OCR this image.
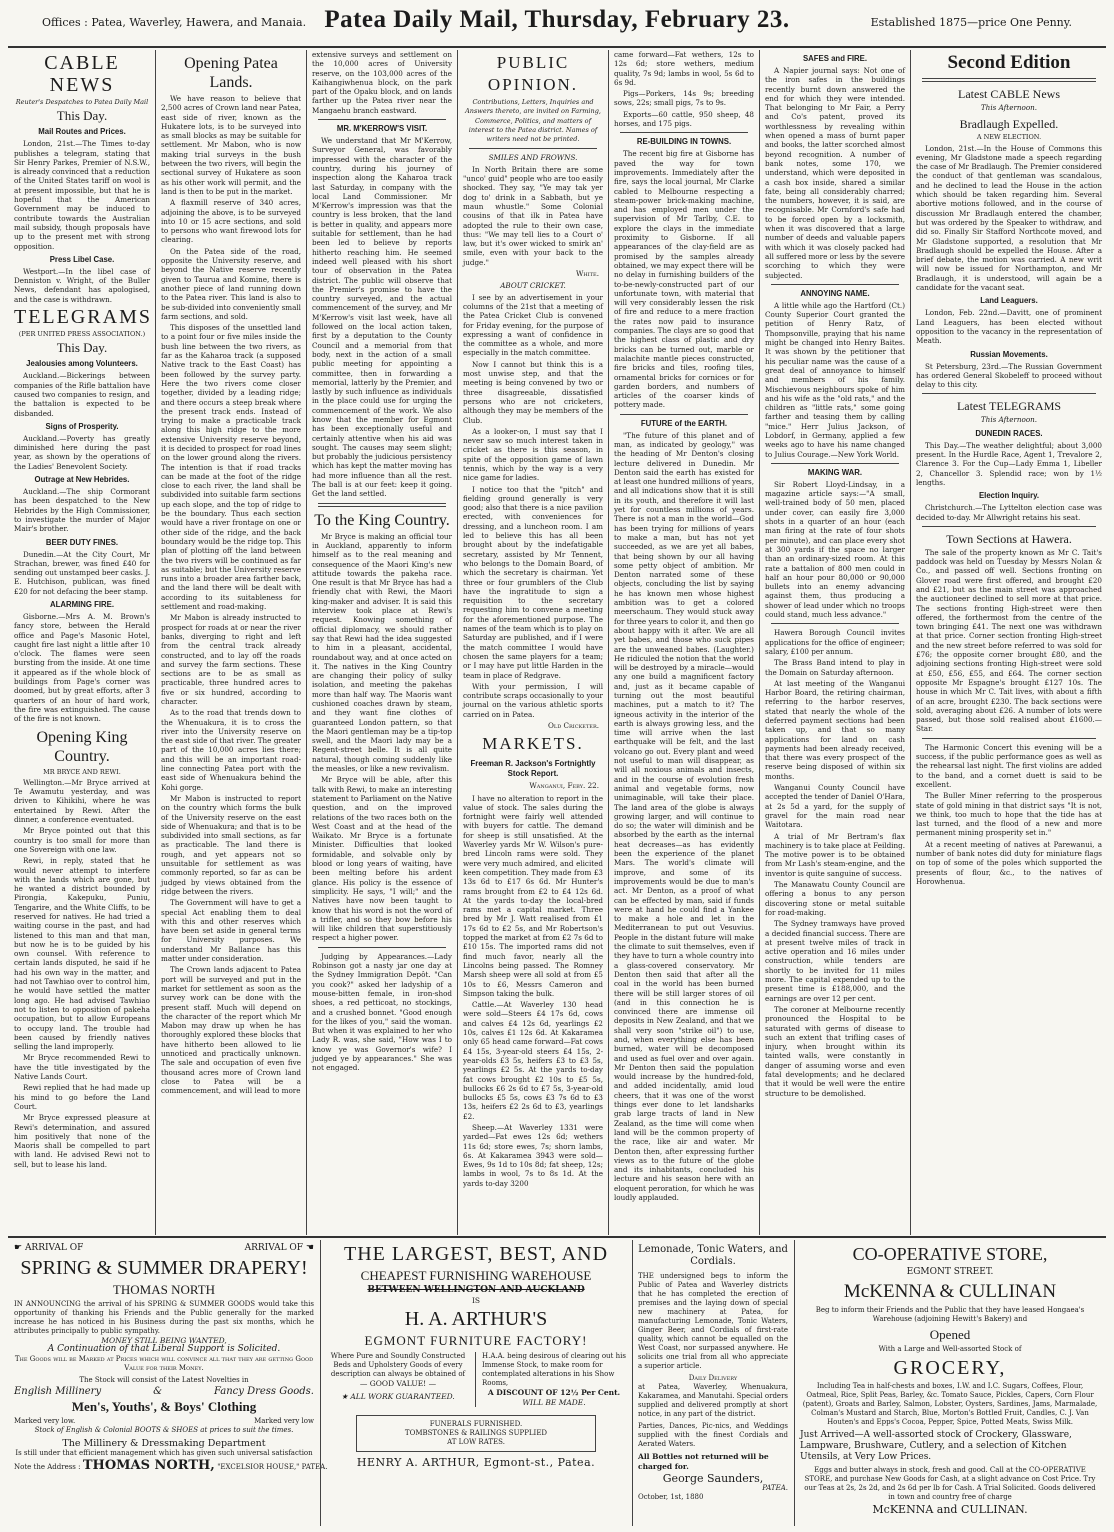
Offices : Patea, Waverley, Hawera, and Manaia. Patea Daily Mail, Thursday, February 23.	Established 1875—price One Penny.
CABLE NEWS
Reuter's Despatches to Patea Daily Mail
This Day.
Mail Routes and Prices.

London, 21st.—The Times to-day publishes a telegram, stating that Sir Henry Parkes, Premier of N.S.W., is already convinced that a reduction of the United States tariff on wool is at present impossible, but that he is hopeful that the American Government may be induced to contribute towards the Australian mail subsidy, though proposals have up to the present met with strong opposition.

Press Libel Case.

Westport.—In the libel case of Denniston v. Wright, of the Buller News, defendant has apologised, and the case is withdrawn.

TELEGRAMS
(PER UNITED PRESS ASSOCIATION.)
This Day.
Jealousies among Volunteers.

Auckland.—Bickerings between companies of the Rifle battalion have caused two companies to resign, and the battalion is expected to be disbanded.

Signs of Prosperity.

Auckland.—Poverty has greatly diminished here during the past year, as shown by the operations of the Ladies' Benevolent Society.

Outrage at New Hebrides.

Auckland.—The ship Cormorant has been despatched to the New Hebrides by the High Commissioner, to investigate the murder of Major Mair's brother.

BEER DUTY FINES.

Dunedin.—At the City Court, Mr Strachan, brewer, was fined £40 for sending out unstamped beer casks. J. E. Hutchison, publican, was fined £20 for not defacing the beer stamp.

ALARMING FIRE.

Gisborne.—Mrs A. M. Brown's fancy store, between the Herald office and Page's Masonic Hotel, caught fire last night a little after 10 o'clock. The flames were seen bursting from the inside. At one time it appeared as if the whole block of buildings from Page's corner was doomed, but by great efforts, after 3 quarters of an hour of hard work, the fire was extinguished. The cause of the fire is not known.

Opening King Country.
MR BRYCE AND REWI.

Wellington.—Mr Bryce arrived at Te Awamutu yesterday, and was driven to Kihikihi, where he was entertained by Rewi. After the dinner, a conference eventuated.

Mr Bryce pointed out that this country is too small for more than one Sovereign with one law.

Rewi, in reply, stated that he would never attempt to interfere with the lands which are gone, but he wanted a district bounded by Pirongia, Kakepuku, Puniu, Tengarire, and the White Cliffs, to be reserved for natives. He had tried a waiting course in the past, and had listened to this man and that man, but now he is to be guided by his own counsel. With reference to certain lands disputed, he said if he had his own way in the matter, and had not Tawhiao over to control him, he would have settled the matter long ago. He had advised Tawhiao not to listen to opposition of pakeha occupation, but to allow Europeans to occupy land. The trouble had been caused by friendly natives selling the land improperly.

Mr Bryce recommended Rewi to have the title investigated by the Native Lands Court.

Rewi replied that he had made up his mind to go before the Land Court.

Mr Bryce expressed pleasure at Rewi's determination, and assured him positively that none of the Maoris shall be compelled to part with land. He advised Rewi not to sell, but to lease his land.

Opening Patea Lands.

We have reason to believe that 2,500 acres of Crown land near Patea, east side of river, known as the Hukatere lots, is to be surveyed into as small blocks as may be suitable for settlement. Mr Mabon, who is now making trial surveys in the bush between the two rivers, will begin the sectional survey of Hukatere as soon as his other work will permit, and the land is then to be put in the market.

A flaxmill reserve of 340 acres, adjoining the above, is to be surveyed into 10 or 15 acre sections, and sold to persons who want firewood lots for clearing.

On the Patea side of the road, opposite the University reserve, and beyond the Native reserve recently given to Taurua and Komine, there is another piece of land running down to the Patea river. This land is also to be sub-divided into conveniently small farm sections, and sold.

This disposes of the unsettled land to a point four or five miles inside the bush line between the two rivers, as far as the Kaharoa track (a supposed Native track to the East Coast) has been followed by the survey party. Here the two rivers come closer together, divided by a leading ridge; and there occurs a steep break where the present track ends. Instead of trying to make a practicable track along this high ridge to the more extensive University reserve beyond, it is decided to prospect for road lines on the lower ground along the rivers. The intention is that if road tracks can be made at the foot of the ridge close to each river, the land shall be subdivided into suitable farm sections up each slope, and the top of ridge to be the boundary. Thus each section would have a river frontage on one or other side of the ridge, and the back boundary would be the ridge top. This plan of plotting off the land between the two rivers will be continued as far as suitable; but the University reserve runs into a broader area farther back, and the land there will be dealt with according to its suitableness for settlement and road-making.

Mr Mabon is already instructed to prospect for roads at or near the river banks, diverging to right and left from the central track already constructed, and to lay off the roads and survey the farm sections. These sections are to be as small as practicable, three hundred acres to five or six hundred, according to character.

As to the road that trends down to the Whenuakura, it is to cross the river into the University reserve on the east side of that river. The greater part of the 10,000 acres lies there; and this will be an important road-line connecting Patea port with the east side of Whenuakura behind the Kohi gorge.

Mr Mabon is instructed to report on the country which forms the bulk of the University reserve on the east side of Whenuakura; and that is to be subdivided into small sections, as far as practicable. The land there is rough, and yet appears not so unsuitable for settlement as was commonly reported, so far as can be judged by views obtained from the ridge between the rivers.

The Government will have to get a special Act enabling them to deal with this and other reserves which have been set aside in general terms for University purposes. We understand Mr Ballance has this matter under consideration.

The Crown lands adjacent to Patea port will be surveyed and put in the market for settlement as soon as the survey work can be done with the present staff. Much will depend on the character of the report which Mr Mabon may draw up when he has thoroughly explored these blocks that have hitherto been allowed to lie unnoticed and practically unknown. The sale and occupation of even five thousand acres more of Crown land close to Patea will be a commencement, and will lead to more

extensive surveys and settlement on the 10,000 acres of University reserve, on the 103,000 acres of the Kaihangiwhenua block, on the park part of the Opaku block, and on lands farther up the Patea river near the Mangaehu branch eastward.

MR. M'KERROW'S VISIT.

We understand that Mr M'Kerrow, Surveyor General, was favorably impressed with the character of the country, during his journey of inspection along the Kaharoa track last Saturday, in company with the local Land Commissioner. Mr M'Kerrow's impression was that the country is less broken, that the land is better in quality, and appears more suitable for settlement, than he had been led to believe by reports hitherto reaching him. He seemed indeed well pleased with his short tour of observation in the Patea district. The public will observe that the Premier's promise to have the country surveyed, and the actual commencement of the survey, and Mr M'Kerrow's visit last week, have all followed on the local action taken, first by a deputation to the County Council and a memorial from that body, next in the action of a small public meeting for appointing a committee, then in forwarding a memorial, latterly by the Premier, and lastly by such influence as individuals in the place could use for urging the commencement of the work. We also know that the member for Egmont has been exceptionally useful and certainly attentive when his aid was sought. The causes may seem slight; but probably the judicious persistency which has kept the matter moving has had more influence than all the rest. The ball is at our feet: keep it going. Get the land settled.

To the King Country.

Mr Bryce is making an official tour in Auckland, apparently to inform himself as to the real meaning and consequence of the Maori King's new attitude towards the pakeha race. One result is that Mr Bryce has had a friendly chat with Rewi, the Maori king-maker and adviser. It is said this interview took place at Rewi's request. Knowing something of official diplomacy, we should rather say that Rewi had the idea suggested to him in a pleasant, accidental, roundabout way, and at once acted on it. The natives in the King Country are changing their policy of sulky isolation, and meeting the pakehas more than half way. The Maoris want cushioned coaches drawn by steam, and they want fine clothes of guaranteed London pattern, so that the Maori gentleman may be a tip-top swell, and the Maori lady may be a Regent-street belle. It is all quite natural, though coming suddenly like the measles, or like a new revivalism.

Mr Bryce will be able, after this talk with Rewi, to make an interesting statement to Parliament on the Native question, and on the improved relations of the two races both on the West Coast and at the head of the Waikato. Mr Bryce is a fortunate Minister. Difficulties that looked formidable, and solvable only by blood or long years of waiting, have been melting before his ardent glance. His policy is the essence of simplicity. He says, "I will;" and the Natives have now been taught to know that his word is not the word of a trifler, and so they bow before his will like children that superstitiously respect a higher power.

Judging by Appearances.—Lady Robinson got a nasty jar one day at the Sydney Immigration Depôt. "Can you cook?" asked her ladyship of a mouse-bitten female, in iron-shod shoes, a red petticoat, no stockings, and a crushed bonnet. "Good enough for the likes of you," said the woman. But when it was explained to her who Lady R. was, she said, "How was I to know ye was Governor's wife? I judged ye by appearances." She was not engaged.

PUBLIC OPINION.
Contributions, Letters, Inquiries and Answers thereto, are invited on Farming, Commerce, Politics, and matters of interest to the Patea district. Names of writers need not be printed.
SMILES AND FROWNS.

In North Britain there are some "unco' guid" people who are too easily shocked. They say, "Ye may tak yer dog to' drink in a Sabbath, but ye maun whustle." Some Colonial cousins of that ilk in Patea have adopted the rule to their own case, thus: "We may tell lies to a Court o' law, but it's ower wicked to smirk an' smile, even with your back to the judge."

White.
ABOUT CRICKET.

I see by an advertisement in your columns of the 21st that a meeting of the Patea Cricket Club is convened for Friday evening, for the purpose of expressing a want of confidence in the committee as a whole, and more especially in the match committee.

Now I cannot but think this is a most unwise step, and that the meeting is being convened by two or three disagreeable, dissatisfied persons who are not cricketers, although they may be members of the Club.

As a looker-on, I must say that I never saw so much interest taken in cricket as there is this season, in spite of the opposition game of lawn tennis, which by the way is a very nice game for ladies.

I notice too that the "pitch" and fielding ground generally is very good; also that there is a nice pavilion erected, with conveniences for dressing, and a luncheon room. I am led to believe this has all been brought about by the indefatigable secretary, assisted by Mr Tennent, who belongs to the Domain Board, of which the secretary is chairman. Yet three or four grumblers of the Club have the ingratitude to sign a requisition to the secretary requesting him to convene a meeting for the aforementioned purpose. The names of the team which is to play on Saturday are published, and if I were the match committee I would have chosen the same players for a team; or I may have put little Harden in the team in place of Redgrave.

With your permission, I will contribute scraps occasionally to your journal on the various athletic sports carried on in Patea.

Old Cricketer.
MARKETS.
Freeman R. Jackson's Fortnightly Stock Report.
Wanganui, Feby. 22.

I have no alteration to report in the value of stock. The sales during the fortnight were fairly well attended with buyers for cattle. The demand for sheep is still unsatisfied. At the Waverley yards Mr W. Wilson's pure-bred Lincoln rams were sold. They were very much admired, and elicited keen competition. They made from £3 13s 6d to £17 6s 6d. Mr Hunter's rams brought from £2 to £4 12s 6d. At the yards to-day the local-bred rams met a capital market. Three bred by Mr J. Watt realised from £1 17s 6d to £2 5s, and Mr Robertson's topped the market at from £2 7s 6d to £10 15s. The imported rams did not find much favor, nearly all the Lincolns being passed. The Romney Marsh sheep were all sold at from £5 10s to £6, Messrs Cameron and Simpson taking the bulk.

Cattle.—At Waverley 130 head were sold—Steers £4 17s 6d, cows and calves £4 12s 6d, yearlings £2 10s, calves £1 12s 6d. At Kakaramea only 65 head came forward—Fat cows £4 15s, 3-year-old steers £4 15s, 2-year-olds £3 5s, heifers £3 to £3 5s, yearlings £2 5s. At the yards to-day fat cows brought £2 10s to £5 5s, bullocks £6 2s 6d to £7 5s, 3-year-old bullocks £5 5s, cows £3 7s 6d to £3 13s, heifers £2 2s 6d to £3, yearlings £2.

Sheep.—At Waverley 1331 were yarded—Fat ewes 12s 6d; wethers 11s 6d; store ewes, 7s; shorn lambs, 6s. At Kakaramea 3943 were sold—Ewes, 9s 1d to 10s 8d; fat sheep, 12s; lambs in wool, 7s to 8s 1d. At the yards to-day 3200

came forward—Fat wethers, 12s to 12s 6d; store wethers, medium quality, 7s 9d; lambs in wool, 5s 6d to 6s 9d.

Pigs—Porkers, 14s 9s; breeding sows, 22s; small pigs, 7s to 9s.

Exports—60 cattle, 950 sheep, 48 horses, and 175 pigs.

RE-BUILDING IN TOWNS.

The recent big fire at Gisborne has paved the way for town improvements. Immediately after the fire, says the local journal, Mr Clarke cabled to Melbourne respecting a steam-power brick-making machine, and has employed men under the supervision of Mr Tarlby, C.E. to explore the clays in the immediate proximity to Gisborne. If all appearances of the clay-field are as promised by the samples already obtained, we may expect there will be no delay in furnishing builders of the to-be-newly-constructed part of our unfortunate town, with material that will very considerably lessen the risk of fire and reduce to a mere fraction the rates now paid to insurance companies. The clays are so good that the highest class of plastic and dry bricks can be turned out, marble or malachite mantle pieces constructed, fire bricks and tiles, roofing tiles, ornamental bricks for cornices or for garden borders, and numbers of articles of the coarser kinds of pottery made.

FUTURE of the EARTH.

"The future of this planet and of man, as indicated by geology," was the heading of Mr Denton's closing lecture delivered in Dunedin. Mr Denton said the earth has existed for at least one hundred millions of years, and all indications show that it is still in its youth, and therefore it will last yet for countless millions of years. There is not a man in the world—God has been trying for millions of years to make a man, but has not yet succeeded, as we are yet all babes, that being shown by our all having some petty object of ambition. Mr Denton narrated some of these objects, concluding the list by saying he has known men whose highest ambition was to get a colored meerschaum. They would stuck away for three years to color it, and then go about happy with it after. We are all yet babes, and those who suck pipes are the unweaned babes. (Laughter.) He ridiculed the notion that the world will be destroyed by a miracle—would any one build a magnificent factory and, just as it became capable of turning out the most beautiful machines, put a match to it? The igneous activity in the interior of the earth is always growing less, and the time will arrive when the last earthquake will be felt, and the last volcano go out. Every plant and weed not useful to man will disappear, as will all noxious animals and insects, and in the course of evolution fresh animal and vegetable forms, now unimaginable, will take their place. The land area of the globe is always growing larger, and will continue to do so; the water will diminish and be absorbed by the earth as the internal heat decreases—as has evidently been the experience of the planet Mars. The world's climate will improve, and some of its improvements would be due to man's act. Mr Denton, as a proof of what can be effected by man, said if funds were at hand he could find a Yankee to make a hole and let in the Mediterranean to put out Vesuvius. People in the distant future will make the climate to suit themselves, even if they have to turn a whole country into a glass-covered conservatory. Mr Denton then said that after all the coal in the world has been burned there will be still larger stores of oil (and in this connection he is convinced there are immense oil deposits in New Zealand, and that we shall very soon "strike oil") to use, and, when everything else has been burned, water will be decomposed and used as fuel over and over again. Mr Denton then said the population would increase by the hundred-fold, and added incidentally, amid loud cheers, that it was one of the worst things ever done to let landsharks grab large tracts of land in New Zealand, as the time will come when land will be the common property of the race, like air and water. Mr Denton then, after expressing further views as to the future of the globe and its inhabitants, concluded his lecture and his season here with an eloquent peroration, for which he was loudly applauded.

SAFES and FIRE.

A Napier journal says: Not one of the iron safes in the buildings recently burnt down answered the end for which they were intended. That belonging to Mr Fair, a Perry and Co's patent, proved its worthlessness by revealing within when opened a mass of burnt paper and books, the latter scorched almost beyond recognition. A number of bank notes, some 170, we understand, which were deposited in a cash box inside, shared a similar fate, being all considerably charred; the numbers, however, it is said, are recognisable. Mr Cornford's safe had to be forced open by a locksmith, when it was discovered that a large number of deeds and valuable papers with which it was closely packed had all suffered more or less by the severe scorching to which they were subjected.

ANNOYING NAME.

A little while ago the Hartford (Ct.) County Superior Court granted the petition of Henry Ratz, of Thompsonville, praying that his name might be changed into Henry Baites. It was shown by the petitioner that his peculiar name was the cause of a great deal of annoyance to himself and members of his family. Mischievous neighbours spoke of him and his wife as the "old rats," and the children as "little rats," some going farther and teasing them by calling "mice." Herr Julius Jackson, of Lobdorf, in Germany, applied a few weeks ago to have his name changed to Julius Courage.—New York World.

MAKING WAR.

Sir Robert Lloyd-Lindsay, in a magazine article says:—"A small, well-trained body of 50 men, placed under cover, can easily fire 3,000 shots in a quarter of an hour (each man firing at the rate of four shots per minute), and can place every shot at 300 yards if the space no larger than an ordinary-sized room. At this rate a battalion of 800 men could in half an hour pour 80,000 or 90,000 bullets into an enemy advancing against them, thus producing a shower of lead under which no troops could stand, much less advance."

Hawera Borough Council invites applications for the office of engineer; salary, £100 per annum.

The Brass Band intend to play in the Domain on Saturday afternoon.

At last meeting of the Wanganui Harbor Board, the retiring chairman, referring to the harbor reserves, stated that nearly the whole of the deferred payment sections had been taken up, and that so many applications for land on cash payments had been already received, that there was every prospect of the reserve being disposed of within six months.

Wanganui County Council have accepted the tender of Daniel O'Hara, at 2s 5d a yard, for the supply of gravel for the main road near Waitotara.

A trial of Mr Bertram's flax machinery is to take place at Feilding. The motive power is to be obtained from Mr Lash's steam-engine, and the inventor is quite sanguine of success.

The Manawatu County Council are offering a bonus to any person discovering stone or metal suitable for road-making.

The Sydney tramways have proved a decided financial success. There are at present twelve miles of track in active operation and 16 miles under construction, while tenders are shortly to be invited for 11 miles more. The capital expended up to the present time is £188,000, and the earnings are over 12 per cent.

The coroner at Melbourne recently pronounced the Hospital to be saturated with germs of disease to such an extent that trifling cases of injury, when brought within its tainted walls, were constantly in danger of assuming worse and even fatal developments; and he declared that it would be well were the entire structure to be demolished.

Second Edition
Latest CABLE News
This Afternoon.
Bradlaugh Expelled.
A NEW ELECTION.

London, 21st.—In the House of Commons this evening, Mr Gladstone made a speech regarding the case of Mr Bradlaugh. The Premier considered the conduct of that gentleman was scandalous, and he declined to lead the House in the action which should be taken regarding him. Several abortive motions followed, and in the course of discussion Mr Bradlaugh entered the chamber, but was ordered by the Speaker to withdraw, and did so. Finally Sir Stafford Northcote moved, and Mr Gladstone supported, a resolution that Mr Bradlaugh should be expelled the House. After a brief debate, the motion was carried. A new writ will now be issued for Northampton, and Mr Bradlaugh, it is understood, will again be a candidate for the vacant seat.

Land Leaguers.

London, Feb. 22nd.—Davitt, one of prominent Land Leaguers, has been elected without opposition to the vacancy in the representation of Meath.

Russian Movements.

St Petersburg, 23rd.—The Russian Government has ordered General Skobeleff to proceed without delay to this city.

Latest TELEGRAMS
This Afternoon.
DUNEDIN RACES.

This Day.—The weather delightful; about 3,000 present. In the Hurdle Race, Agent 1, Trevalore 2, Clarence 3. For the Cup—Lady Emma 1, Libeller 2, Chancellor 3. Splendid race; won by 1½ lengths.

Election Inquiry.

Christchurch.—The Lyttelton election case was decided to-day. Mr Allwright retains his seat.

Town Sections at Hawera.

The sale of the property known as Mr C. Tait's paddock was held on Tuesday by Messrs Nolan & Co., and passed off well. Sections fronting on Glover road were first offered, and brought £20 and £21, but as the main street was approached the auctioneer declined to sell more at that price. The sections fronting High-street were then offered, the forthermost from the centre of the town bringing £41. The next one was withdrawn at that price. Corner section fronting High-street and the new street before referred to was sold for £76; the opposite corner brought £80, and the adjoining sections fronting High-street were sold at £50, £56, £55, and £64. The corner section opposite Mr Espagne's brought £127 10s. The house in which Mr C. Tait lives, with about a fifth of an acre, brought £230. The back sections were sold, averaging about £26. A number of lots were passed, but those sold realised about £1600.—Star.

The Harmonic Concert this evening will be a success, if the public performance goes as well as the rehearsal last night. The first violins are added to the band, and a cornet duett is said to be excellent.

The Buller Miner referring to the prosperous state of gold mining in that district says "It is not, we think, too much to hope that the tide has at last turned, and the flood of a new and more permanent mining prosperity set in."

At a recent meeting of natives at Parewanui, a number of bank notes did duty for miniature flags on top of some of the poles which supported the presents of flour, &c., to the natives of Horowhenua.

☛ ARRIVAL OF	ARRIVAL OF ☚
SPRING & SUMMER DRAPERY!
THOMAS NORTH
IN ANNOUNCING the arrival of his SPRING & SUMMER GOODS would take this opportunity of thanking his Friends and the Public generally for the marked increase he has noticed in his Business during the past six months, which he attributes principally to public sympathy.
MONEY STILL BEING WANTED,
A Continuation of that Liberal Support is Solicited.
The Goods will be Marked at Prices which will convince all that they are getting Good Value for their Money.
The Stock will consist of the Latest Novelties in
English Millinery	&	Fancy Dress Goods.
Men's, Youths', & Boys' Clothing
Marked very low.	Marked very low
Stock of English & Colonial BOOTS & SHOES at prices to suit the times.
The Millinery & Dressmaking Department
Is still under that efficient management which has given such universal satisfaction
Note the Address : THOMAS NORTH, "EXCELSIOR HOUSE," PATEA.
THE LARGEST, BEST, AND
CHEAPEST FURNISHING WAREHOUSE
BETWEEN WELLINGTON AND AUCKLAND
IS
H. A. ARTHUR'S
EGMONT FURNITURE FACTORY!
Where Pure and Soundly Constructed Beds and Upholstery Goods of every description can always be obtained of
— GOOD VALUE! —
★ ALL WORK GUARANTEED.
H.A.A. being desirous of clearing out his Immense Stock, to make room for contemplated alterations in his Show Rooms,
A DISCOUNT OF 12½ Per Cent.
WILL BE MADE.
FUNERALS FURNISHED.
TOMBSTONES & RAILINGS SUPPLIED
AT LOW RATES.
HENRY A. ARTHUR, Egmont-st., Patea.
Lemonade, Tonic Waters, and Cordials.
THE undersigned begs to inform the Public of Patea and Waverley districts that he has completed the erection of premises and the laying down of special new machinery at Patea, for manufacturing Lemonade, Tonic Waters, Ginger Beer, and Cordials of first-rate quality, which cannot be equalled on the West Coast, nor surpassed anywhere. He solicits one trial from all who appreciate a superior article.
Daily Delivery
at Patea, Waverley, Whenuakura, Kakaramea, and Manutahi. Special orders supplied and delivered promptly at short notice, in any part of the district.
Parties, Dances, Pic-nics, and Weddings supplied with the finest Cordials and Aerated Waters.
All Bottles not returned will be charged for.
George Saunders,
PATEA.
October, 1st, 1880
CO-OPERATIVE STORE,
EGMONT STREET.
McKENNA & CULLINAN
Beg to inform their Friends and the Public that they have leased Hongaea's Warehouse (adjoining Hewitt's Bakery) and
Opened
With a Large and Well-assorted Stock of
GROCERY,
Including Tea in half-chests and boxes, I.W. and I.C. Sugars, Coffees, Flour, Oatmeal, Rice, Split Peas, Barley, &c. Tomato Sauce, Pickles, Capers, Corn Flour (patent), Groats and Barley, Salmon, Lobster, Oysters, Sardines, Jams, Marmalade, Colman's Mustard and Starch, Blue, Morton's Bottled Fruit, Candles, C. J. Van Houten's and Epps's Cocoa, Pepper, Spice, Potted Meats, Swiss Milk.
Just Arrived—A well-assorted stock of Crockery, Glassware, Lampware, Brushware, Cutlery, and a selection of Kitchen Utensils, at Very Low Prices.
Eggs and butter always in stock, fresh and good. Call at the CO-OPERATIVE STORE, and purchase New Goods for Cash, at a slight advance on Cost Price. Try our Teas at 2s, 2s 2d, and 2s 6d per lb for Cash. A Trial Solicited. Goods delivered in town and country free of charge
McKENNA and CULLINAN.
